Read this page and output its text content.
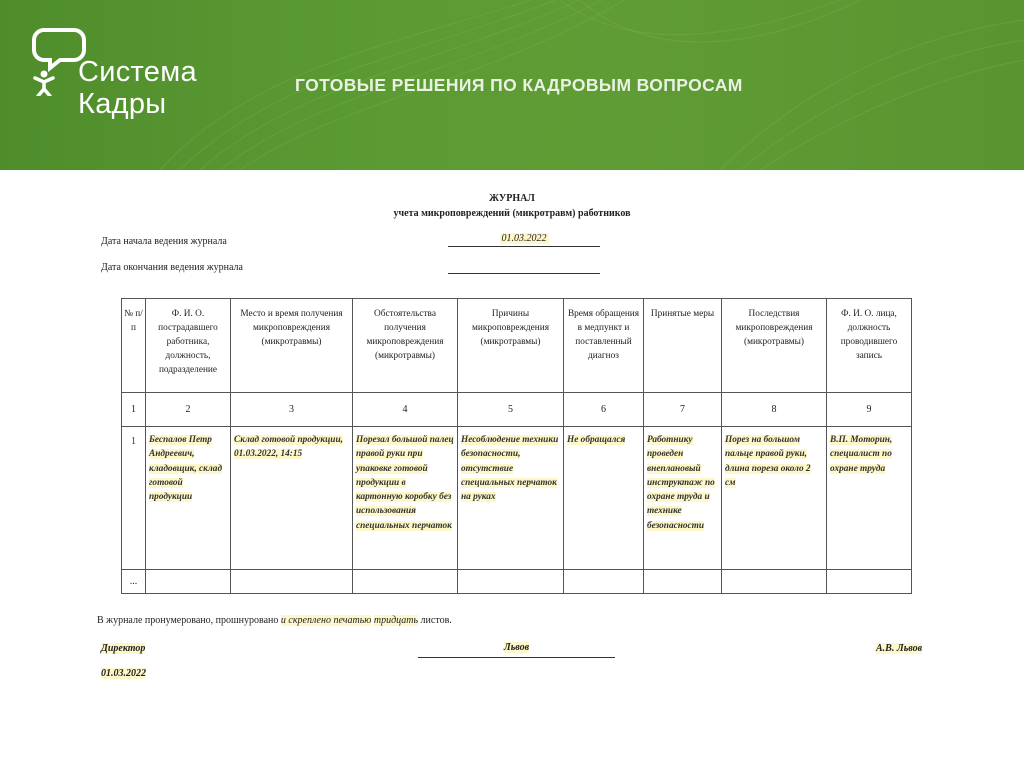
Система
Кадры
ГОТОВЫЕ РЕШЕНИЯ ПО КАДРОВЫМ ВОПРОСАМ
ЖУРНАЛ
учета микроповреждений (микротравм) работников
Дата начала ведения журнала	01.03.2022
Дата окончания ведения журнала
№ п/п	Ф. И. О. пострадавшего работника, должность, подразделение	Место и время получения микроповреждения (микротравмы)	Обстоятельства получения микроповреждения (микротравмы)	Причины микроповреждения (микротравмы)	Время обращения в медпункт и поставленный диагноз	Принятые меры	Последствия микроповреждения (микротравмы)	Ф. И. О. лица, должность проводившего запись
1	2	3	4	5	6	7	8	9
1	Беспалов Петр Андреевич, кладовщик, склад готовой продукции	Склад готовой продукции, 01.03.2022, 14:15	Порезал большой палец правой руки при упаковке готовой продукции в картонную коробку без использования специальных перчаток	Несоблюдение техники безопасности, отсутствие специальных перчаток на руках	Не обращался	Работнику проведен внеплановый инструктаж по охране труда и технике безопасности	Порез на большом пальце правой руки, длина пореза около 2 см	В.П. Моторин, специалист по охране труда
...								
В журнале пронумеровано, прошнуровано и скреплено печатью тридцать листов.
Директор	Львов	А.В. Львов
01.03.2022
